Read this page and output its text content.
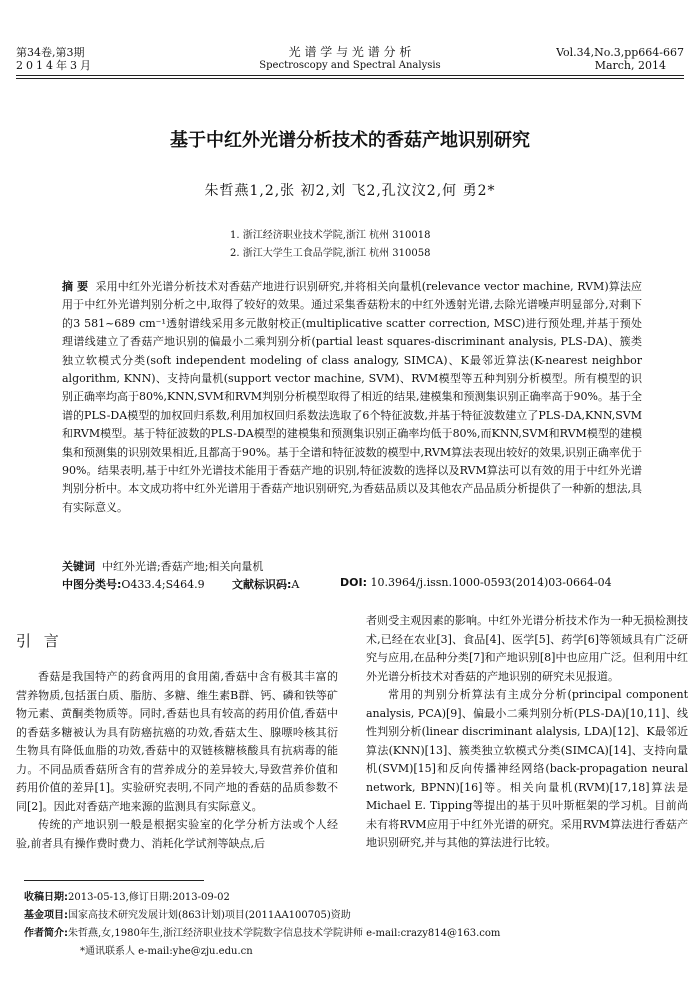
第34卷,第3期
2014年3月
光 谱 学 与 光 谱 分 析
Spectroscopy and Spectral Analysis
Vol.34,No.3,pp664-667
March, 2014
基于中红外光谱分析技术的香菇产地识别研究
朱哲燕1,2,张 初2,刘 飞2,孔汶汶2,何 勇2*
1. 浙江经济职业技术学院,浙江 杭州 310018
2. 浙江大学生工食品学院,浙江 杭州 310058
摘 要 采用中红外光谱分析技术对香菇产地进行识别研究,并将相关向量机(relevance vector machine, RVM)算法应用于中红外光谱判别分析之中,取得了较好的效果。通过采集香菇粉末的中红外透射光谱,去除光谱噪声明显部分,对剩下的3 581~689 cm⁻¹透射谱线采用多元散射校正(multiplicative scatter correction, MSC)进行预处理,并基于预处理谱线建立了香菇产地识别的偏最小二乘判别分析(partial least squares-discriminant analysis, PLS-DA)、簇类独立软模式分类(soft independent modeling of class analogy, SIMCA)、K最邻近算法(K-nearest neighbor algorithm, KNN)、支持向量机(support vector machine, SVM)、RVM模型等五种判别分析模型。所有模型的识别正确率均高于80%,KNN,SVM和RVM判别分析模型取得了相近的结果,建模集和预测集识别正确率高于90%。基于全谱的PLS-DA模型的加权回归系数,利用加权回归系数法选取了6个特征波数,并基于特征波数建立了PLS-DA,KNN,SVM和RVM模型。基于特征波数的PLS-DA模型的建模集和预测集识别正确率均低于80%,而KNN,SVM和RVM模型的建模集和预测集的识别效果相近,且都高于90%。基于全谱和特征波数的模型中,RVM算法表现出较好的效果,识别正确率优于90%。结果表明,基于中红外光谱技术能用于香菇产地的识别,特征波数的选择以及RVM算法可以有效的用于中红外光谱判别分析中。本文成功将中红外光谱用于香菇产地识别研究,为香菇品质以及其他农产品品质分析提供了一种新的想法,具有实际意义。
关键词 中红外光谱;香菇产地;相关向量机
中图分类号:O433.4;S464.9 文献标识码:A	DOI: 10.3964/j.issn.1000-0593(2014)03-0664-04
引 言

香菇是我国特产的药食两用的食用菌,香菇中含有极其丰富的营养物质,包括蛋白质、脂肪、多糖、维生素B群、钙、磷和铁等矿物元素、黄酮类物质等。同时,香菇也具有较高的药用价值,香菇中的香菇多糖被认为具有防癌抗癌的功效,香菇太生、腺嘌呤核其衍生物具有降低血脂的功效,香菇中的双链核糖核酸具有抗病毒的能力。不同品质香菇所含有的营养成分的差异较大,导致营养价值和药用价值的差异[1]。实验研究表明,不同产地的香菇的品质参数不同[2]。因此对香菇产地来源的监测具有实际意义。

传统的产地识别一般是根据实验室的化学分析方法或个人经验,前者具有操作费时费力、消耗化学试剂等缺点,后

者则受主观因素的影响。中红外光谱分析技术作为一种无损检测技术,已经在农业[3]、食品[4]、医学[5]、药学[6]等领域具有广泛研究与应用,在品种分类[7]和产地识别[8]中也应用广泛。但利用中红外光谱分析技术对香菇的产地识别的研究未见报道。

常用的判别分析算法有主成分分析(principal component analysis, PCA)[9]、偏最小二乘判别分析(PLS-DA)[10,11]、线性判别分析(linear discriminant alalysis, LDA)[12]、K最邻近算法(KNN)[13]、簇类独立软模式分类(SIMCA)[14]、支持向量机(SVM)[15]和反向传播神经网络(back-propagation neural network, BPNN)[16]等。相关向量机(RVM)[17,18]算法是Michael E. Tipping等提出的基于贝叶斯框架的学习机。目前尚未有将RVM应用于中红外光谱的研究。采用RVM算法进行香菇产地识别研究,并与其他的算法进行比较。

收稿日期:2013-05-13,修订日期:2013-09-02
基金项目:国家高技术研究发展计划(863计划)项目(2011AA100705)资助
作者简介:朱哲燕,女,1980年生,浙江经济职业技术学院数字信息技术学院讲师 e-mail:crazy814@163.com
*通讯联系人 e-mail:yhe@zju.edu.cn
